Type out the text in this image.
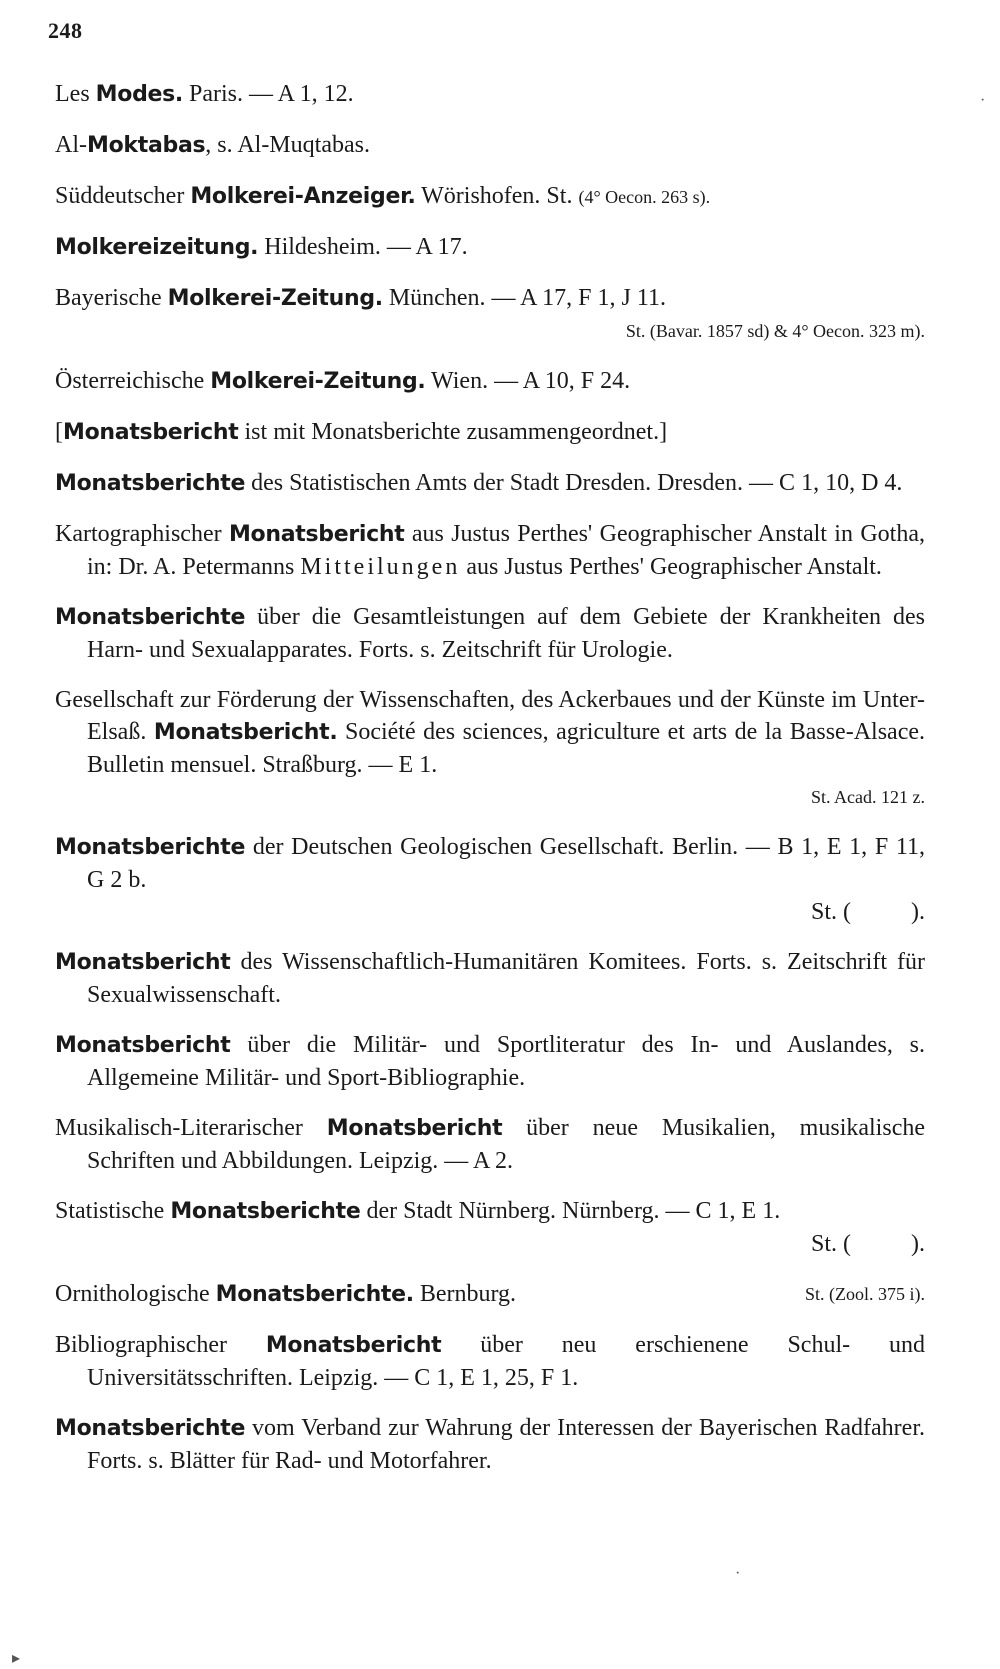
248

Les Modes. Paris. — A 1, 12.

Al-Moktabas, s. Al-Muqtabas.

Süddeutscher Molkerei-Anzeiger. Wörishofen. St. (4° Oecon. 263 s).

Molkereizeitung. Hildesheim. — A 17.

Bayerische Molkerei-Zeitung. München. — A 17, F 1, J 11.
St. (Bavar. 1857 sd) & 4° Oecon. 323 m).

Österreichische Molkerei-Zeitung. Wien. — A 10, F 24.

[Monatsbericht ist mit Monatsberichte zusammengeordnet.]

Monatsberichte des Statistischen Amts der Stadt Dresden. Dresden. — C 1, 10, D 4.

Kartographischer Monatsbericht aus Justus Perthes' Geographischer Anstalt in Gotha, in: Dr. A. Petermanns Mitteilungen aus Justus Perthes' Geographischer Anstalt.

Monatsberichte über die Gesamtleistungen auf dem Gebiete der Krankheiten des Harn- und Sexualapparates. Forts. s. Zeitschrift für Urologie.

Gesellschaft zur Förderung der Wissenschaften, des Ackerbaues und der Künste im Unter-Elsaß. Monatsbericht. Société des sciences, agriculture et arts de la Basse-Alsace. Bulletin mensuel. Straßburg. — E 1.
St. Acad. 121 z.

Monatsberichte der Deutschen Geologischen Gesellschaft. Berlin. — B 1, E 1, F 11, G 2 b.
St. (          ).

Monatsbericht des Wissenschaftlich-Humanitären Komitees. Forts. s. Zeitschrift für Sexualwissenschaft.

Monatsbericht über die Militär- und Sportliteratur des In- und Auslandes, s. Allgemeine Militär- und Sport-Bibliographie.

Musikalisch-Literarischer Monatsbericht über neue Musikalien, musikalische Schriften und Abbildungen. Leipzig. — A 2.

Statistische Monatsberichte der Stadt Nürnberg. Nürnberg. — C 1, E 1.
St. (          ).

Ornithologische Monatsberichte. Bernburg.	St. (Zool. 375 i).

Bibliographischer Monatsbericht über neu erschienene Schul- und Universitätsschriften. Leipzig. — C 1, E 1, 25, F 1.

Monatsberichte vom Verband zur Wahrung der Interessen der Bayerischen Radfahrer. Forts. s. Blätter für Rad- und Motorfahrer.

·
·
▸
